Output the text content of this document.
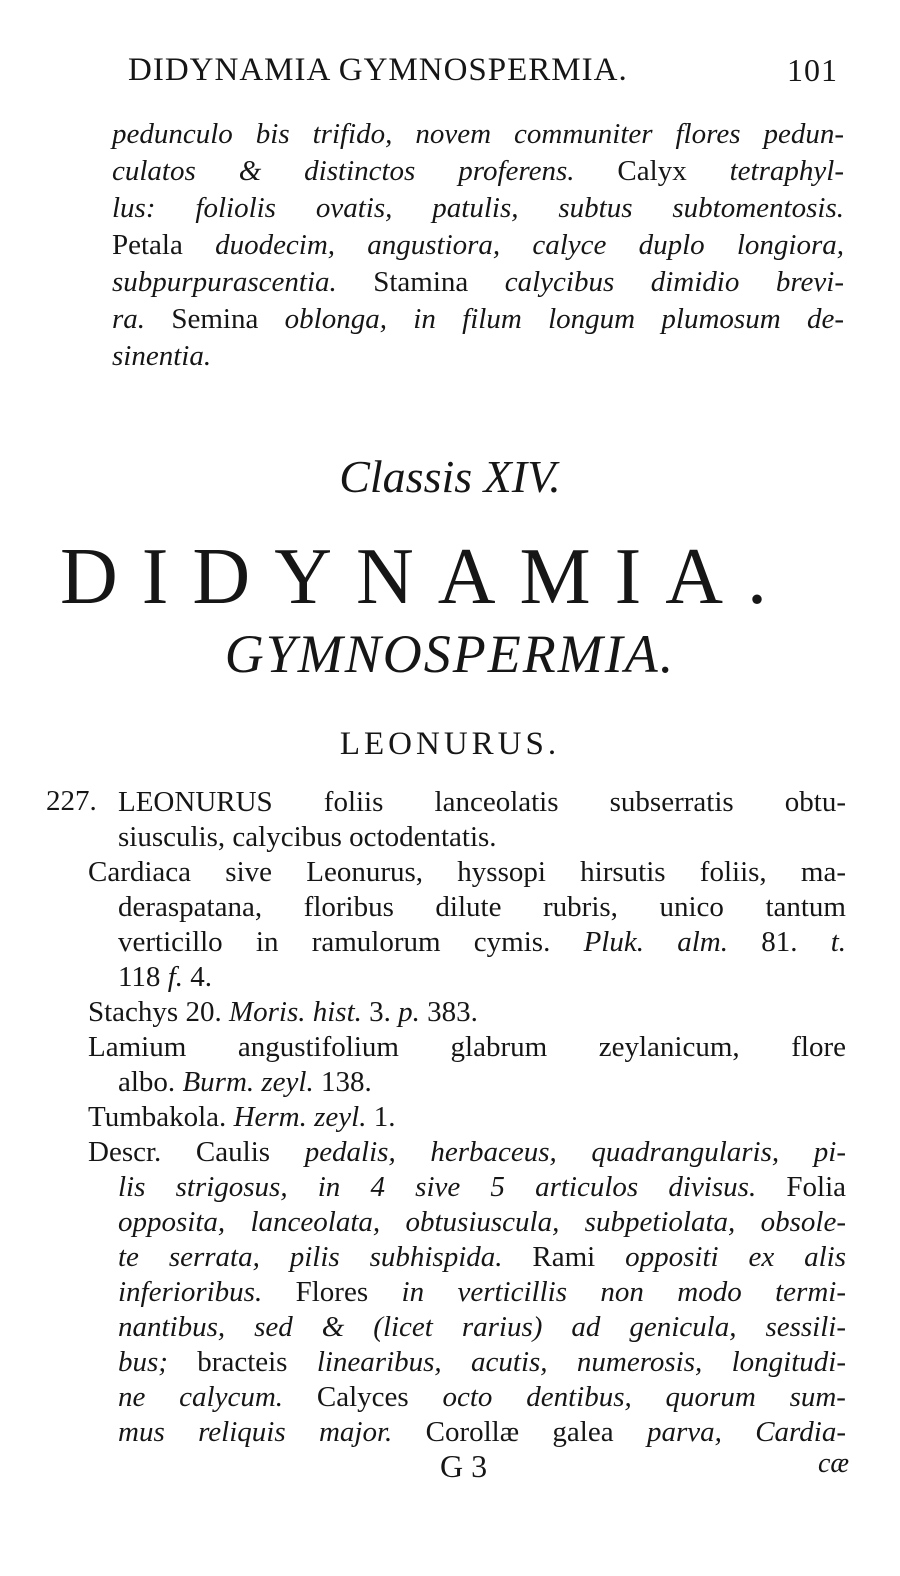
DIDYNAMIA GYMNOSPERMIA.	101
pedunculo bis trifido, novem communiter flores pedun-
culatos & distinctos proferens. Calyx tetraphyl-
lus: foliolis ovatis, patulis, subtus subtomentosis.
Petala duodecim, angustiora, calyce duplo longiora,
subpurpurascentia. Stamina calycibus dimidio brevi-
ra. Semina oblonga, in filum longum plumosum de-
sinentia.
Classis XIV.
DIDYNAMIA.
GYMNOSPERMIA.
LEONURUS.
227. LEONURUS foliis lanceolatis subserratis obtu-
siusculis, calycibus octodentatis.
Cardiaca sive Leonurus, hyssopi hirsutis foliis, ma-
deraspatana, floribus dilute rubris, unico tantum
verticillo in ramulorum cymis. Pluk. alm. 81. t.
118 f. 4.
Stachys 20. Moris. hist. 3. p. 383.
Lamium angustifolium glabrum zeylanicum, flore
albo. Burm. zeyl. 138.
Tumbakola. Herm. zeyl. 1.
Descr. Caulis pedalis, herbaceus, quadrangularis, pi-
lis strigosus, in 4 sive 5 articulos divisus. Folia
opposita, lanceolata, obtusiuscula, subpetiolata, obsole-
te serrata, pilis subhispida. Rami oppositi ex alis
inferioribus. Flores in verticillis non modo termi-
nantibus, sed & (licet rarius) ad genicula, sessili-
bus; bracteis linearibus, acutis, numerosis, longitudi-
ne calycum. Calyces octo dentibus, quorum sum-
mus reliquis major. Corollæ galea parva, Cardia-
G 3	cæ
